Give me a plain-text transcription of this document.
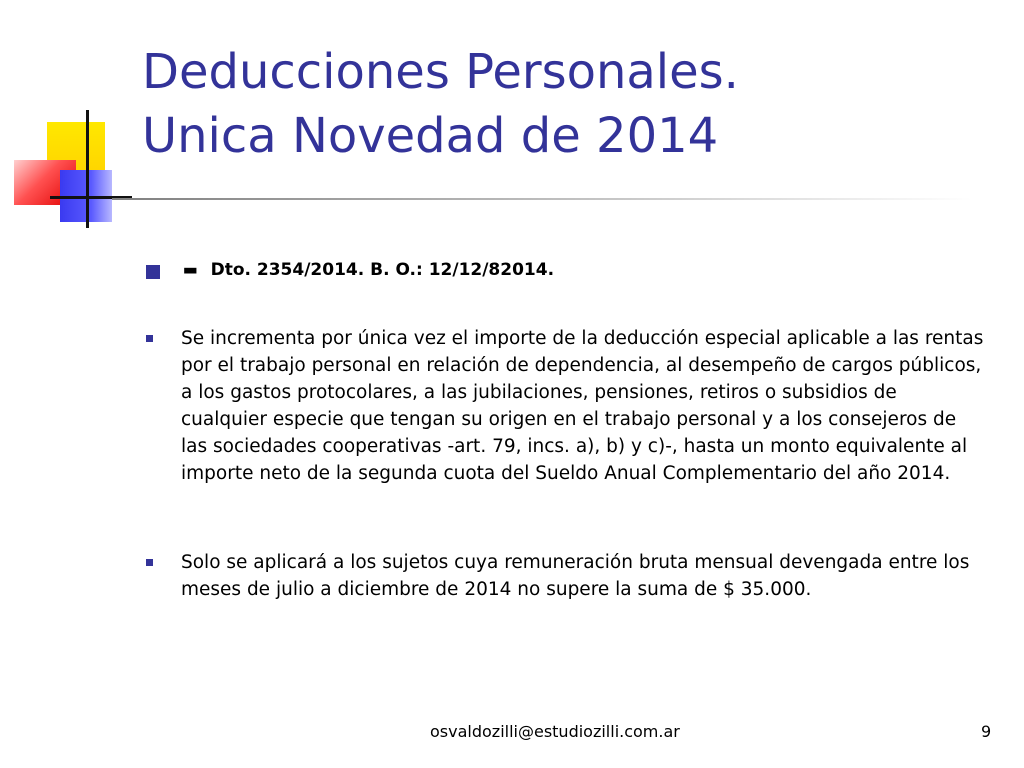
Deducciones Personales.
Unica Novedad de 2014
- Dto. 2354/2014. B. O.: 12/12/82014.
Se incrementa por única vez el importe de la deducción especial aplicable a las rentas por el trabajo personal en relación de dependencia, al desempeño de cargos públicos, a los gastos protocolares, a las jubilaciones, pensiones, retiros o subsidios de cualquier especie que tengan su origen en el trabajo personal y a los consejeros de las sociedades cooperativas -art. 79, incs. a), b) y c)-, hasta un monto equivalente al importe neto de la segunda cuota del Sueldo Anual Complementario del año 2014.
Solo se aplicará a los sujetos cuya remuneración bruta mensual devengada entre los meses de julio a diciembre de 2014 no supere la suma de $ 35.000.
osvaldozilli@estudiozilli.com.ar	9
